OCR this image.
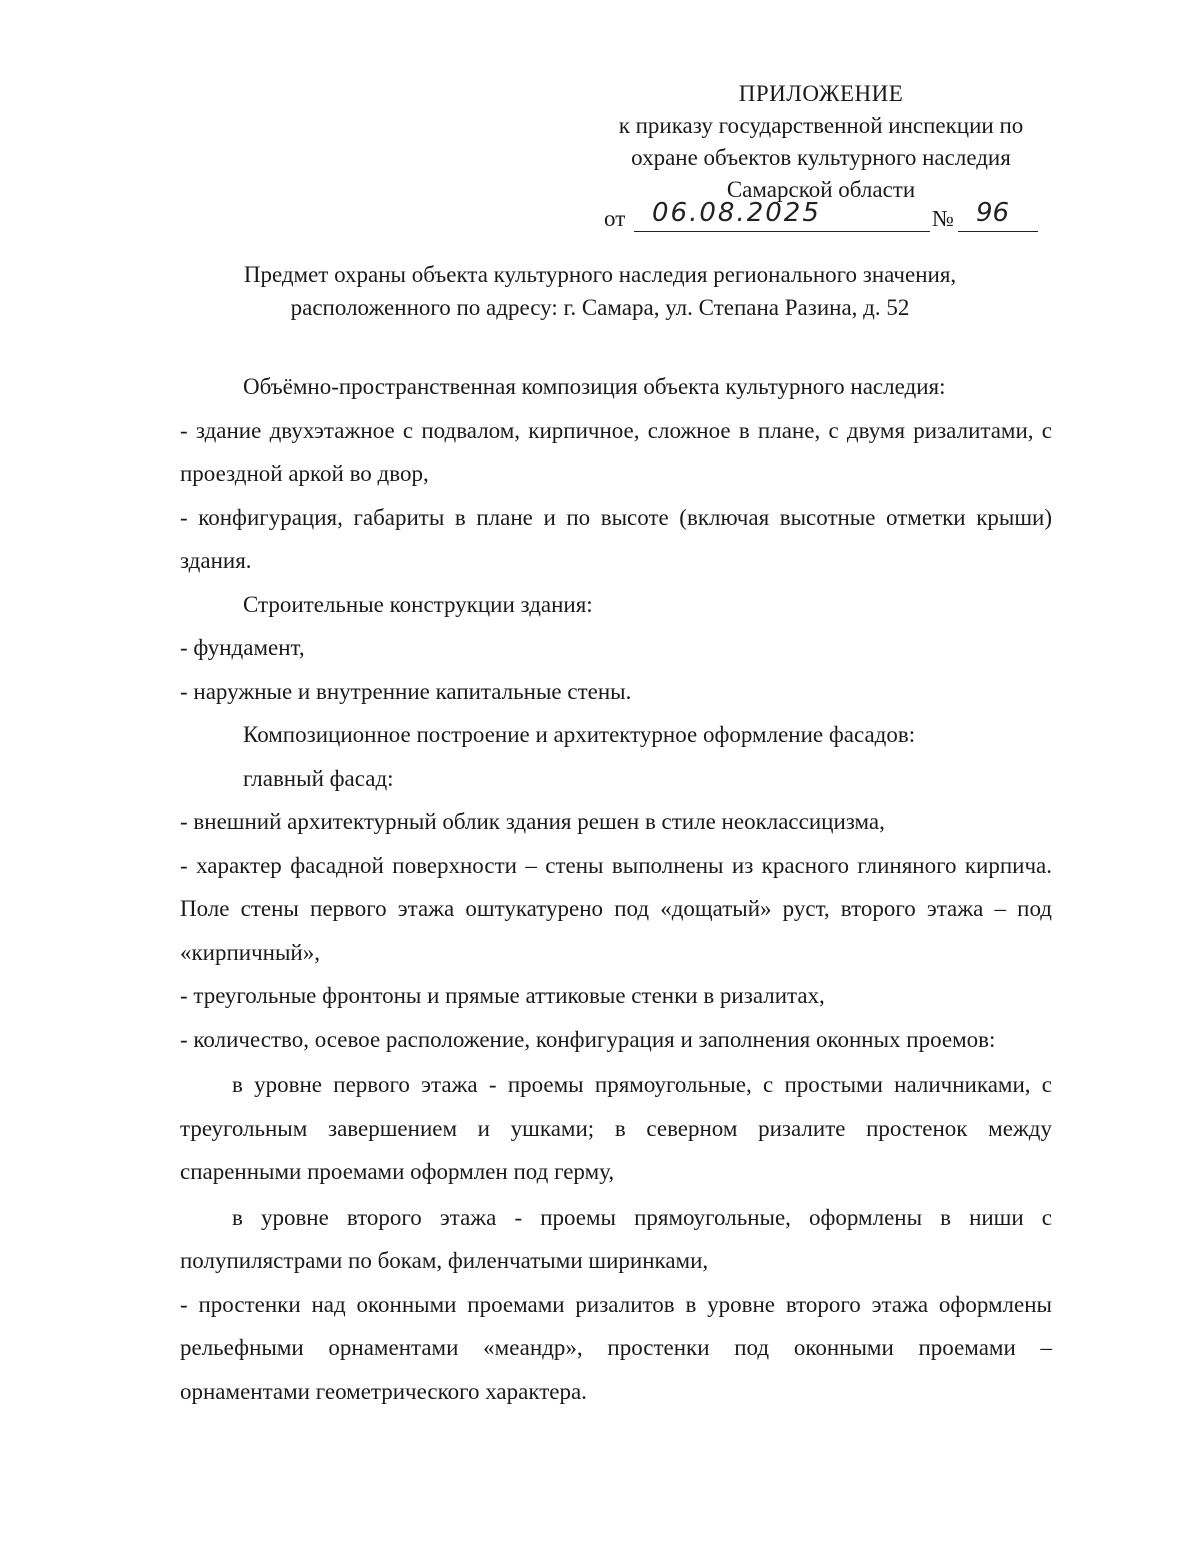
ПРИЛОЖЕНИЕ
к приказу государственной инспекции по
охране объектов культурного наследия
Самарской области
от 06.08.2025	№ 96
Предмет охраны объекта культурного наследия регионального значения,
расположенного по адресу: г. Самара, ул. Степана Разина, д. 52

Объёмно-пространственная композиция объекта культурного наследия:

- здание двухэтажное с подвалом, кирпичное, сложное в плане, с двумя ризалитами, с проездной аркой во двор,

- конфигурация, габариты в плане и по высоте (включая высотные отметки крыши) здания.

Строительные конструкции здания:

- фундамент,

- наружные и внутренние капитальные стены.

Композиционное построение и архитектурное оформление фасадов:

главный фасад:

- внешний архитектурный облик здания решен в стиле неоклассицизма,

- характер фасадной поверхности – стены выполнены из красного глиняного кирпича. Поле стены первого этажа оштукатурено под «дощатый» руст, второго этажа – под «кирпичный»,

- треугольные фронтоны и прямые аттиковые стенки в ризалитах,

- количество, осевое расположение, конфигурация и заполнения оконных проемов:

в уровне первого этажа - проемы прямоугольные, с простыми наличниками, с треугольным завершением и ушками; в северном ризалите простенок между спаренными проемами оформлен под герму,

в уровне второго этажа - проемы прямоугольные, оформлены в ниши с полупилястрами по бокам, филенчатыми ширинками,

- простенки над оконными проемами ризалитов в уровне второго этажа оформлены рельефными орнаментами «меандр», простенки под оконными проемами – орнаментами геометрического характера.
